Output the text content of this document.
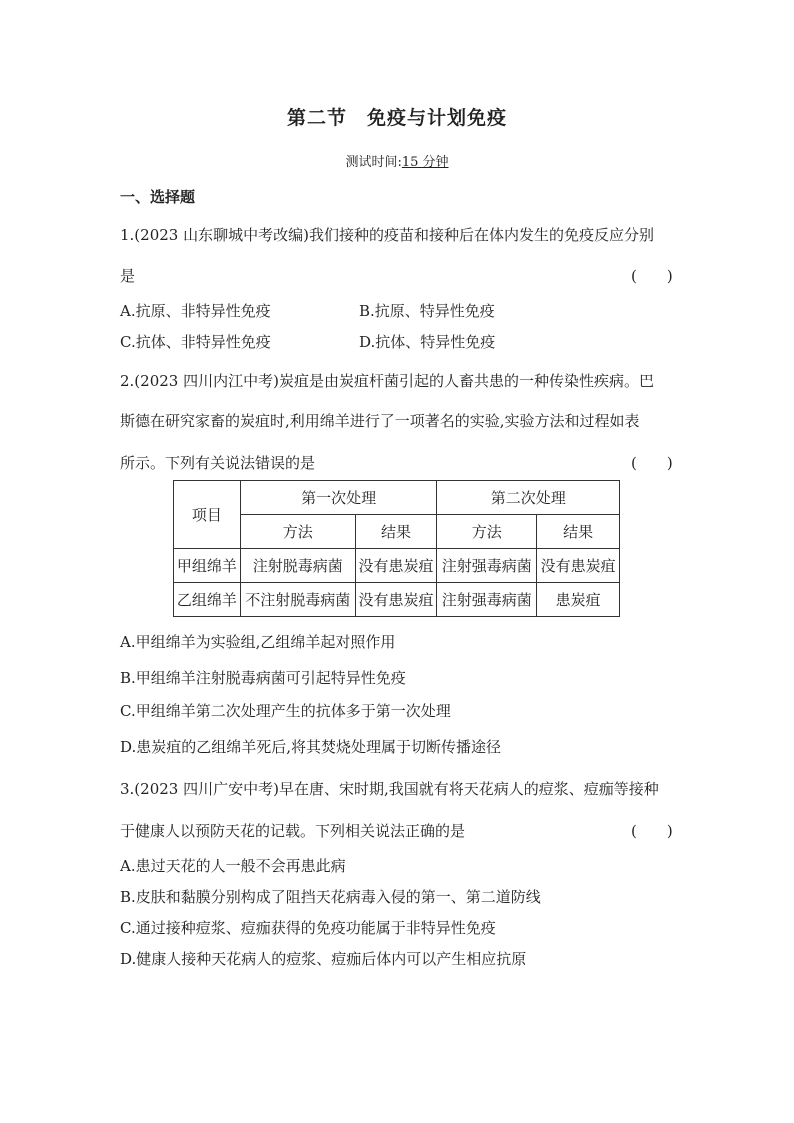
第二节　免疫与计划免疫
测试时间:15 分钟
一、选择题
1.(2023 山东聊城中考改编)我们接种的疫苗和接种后在体内发生的免疫反应分别
是	(　　)
A.抗原、非特异性免疫	B.抗原、特异性免疫
C.抗体、非特异性免疫	D.抗体、特异性免疫
2.(2023 四川内江中考)炭疽是由炭疽杆菌引起的人畜共患的一种传染性疾病。巴
斯德在研究家畜的炭疽时,利用绵羊进行了一项著名的实验,实验方法和过程如表
所示。下列有关说法错误的是	(　　)
项目	第一次处理		第二次处理	
	方法	结果	方法	结果
甲组绵羊	注射脱毒病菌	没有患炭疽	注射强毒病菌	没有患炭疽
乙组绵羊	不注射脱毒病菌	没有患炭疽	注射强毒病菌	患炭疽
A.甲组绵羊为实验组,乙组绵羊起对照作用
B.甲组绵羊注射脱毒病菌可引起特异性免疫
C.甲组绵羊第二次处理产生的抗体多于第一次处理
D.患炭疽的乙组绵羊死后,将其焚烧处理属于切断传播途径
3.(2023 四川广安中考)早在唐、宋时期,我国就有将天花病人的痘浆、痘痂等接种
于健康人以预防天花的记载。下列相关说法正确的是	(　　)
A.患过天花的人一般不会再患此病
B.皮肤和黏膜分别构成了阻挡天花病毒入侵的第一、第二道防线
C.通过接种痘浆、痘痂获得的免疫功能属于非特异性免疫
D.健康人接种天花病人的痘浆、痘痂后体内可以产生相应抗原
